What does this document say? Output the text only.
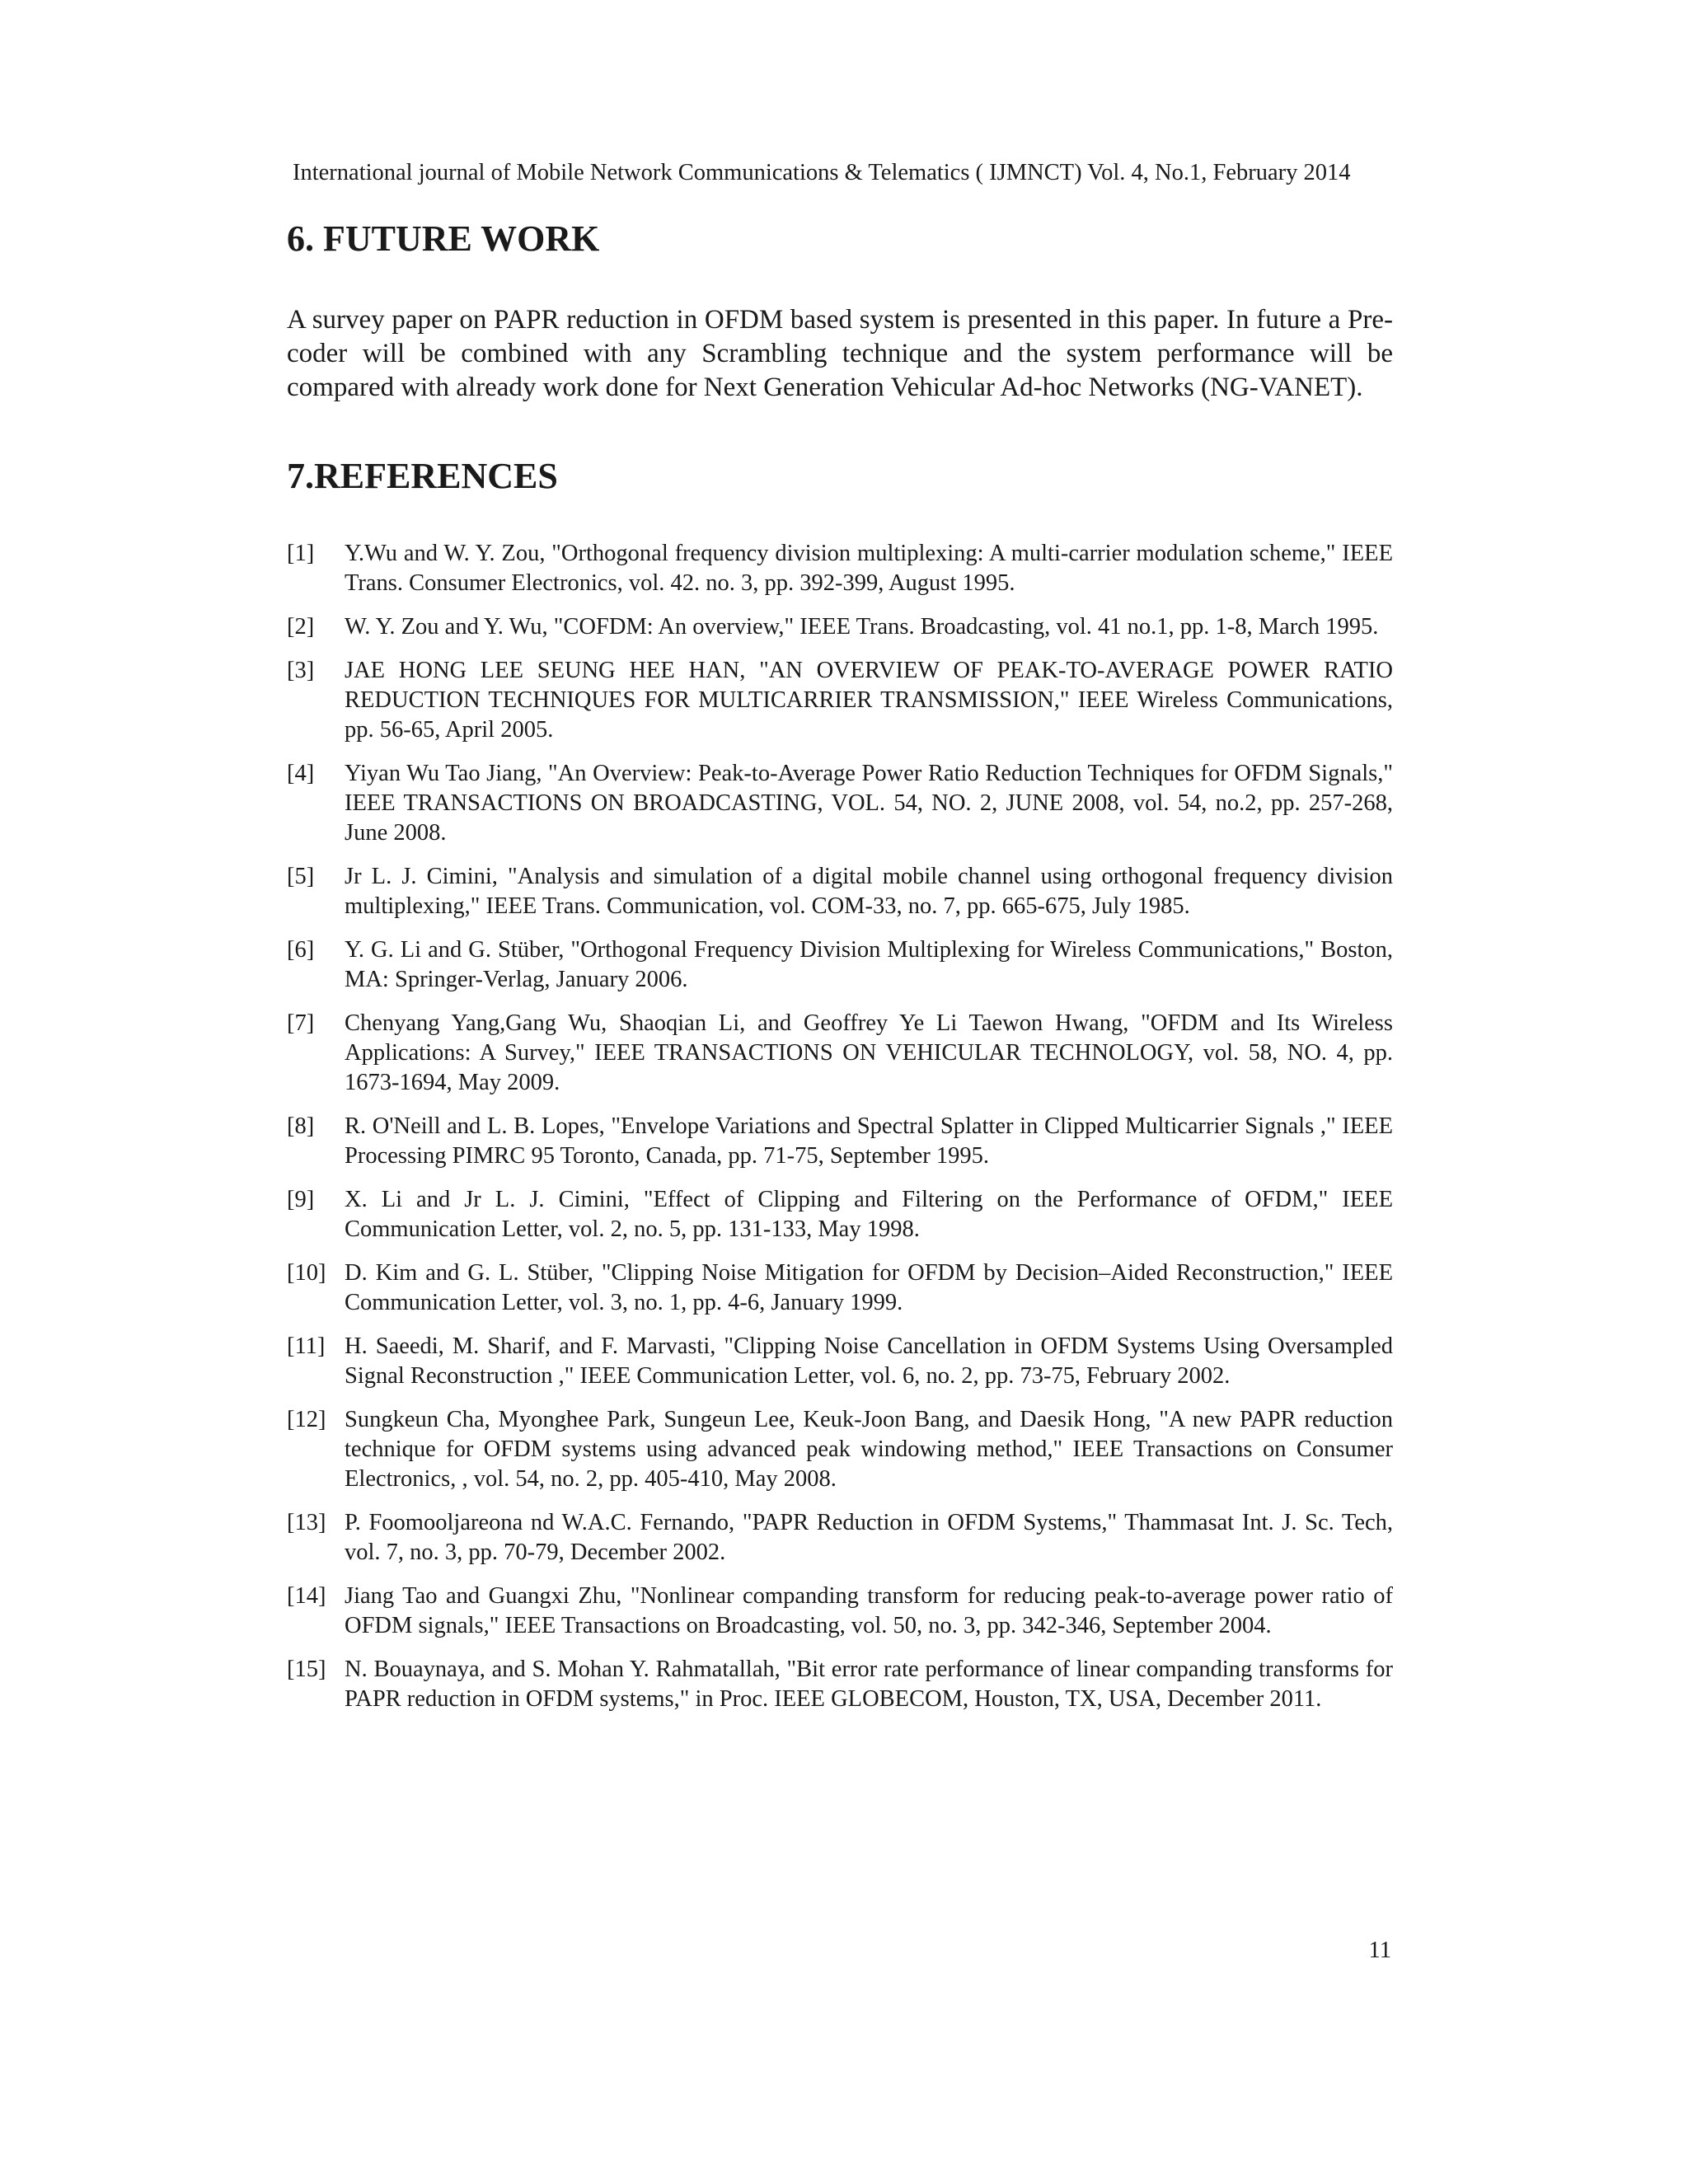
International journal of Mobile Network Communications & Telematics ( IJMNCT) Vol. 4, No.1, February 2014
6. FUTURE WORK

A survey paper on PAPR reduction in OFDM based system is presented in this paper. In future a Pre-coder will be combined with any Scrambling technique and the system performance will be compared with already work done for Next Generation Vehicular Ad-hoc Networks (NG-VANET).

7.REFERENCES
[1]	Y.Wu and W. Y. Zou, "Orthogonal frequency division multiplexing: A multi-carrier modulation scheme," IEEE Trans. Consumer Electronics, vol. 42. no. 3, pp. 392-399, August 1995.
[2]	W. Y. Zou and Y. Wu, "COFDM: An overview," IEEE Trans. Broadcasting, vol. 41 no.1, pp. 1-8, March 1995.
[3]	JAE HONG LEE SEUNG HEE HAN, "AN OVERVIEW OF PEAK-TO-AVERAGE POWER RATIO REDUCTION TECHNIQUES FOR MULTICARRIER TRANSMISSION," IEEE Wireless Communications, pp. 56-65, April 2005.
[4]	Yiyan Wu Tao Jiang, "An Overview: Peak-to-Average Power Ratio Reduction Techniques for OFDM Signals," IEEE TRANSACTIONS ON BROADCASTING, VOL. 54, NO. 2, JUNE 2008, vol. 54, no.2, pp. 257-268, June 2008.
[5]	Jr L. J. Cimini, "Analysis and simulation of a digital mobile channel using orthogonal frequency division multiplexing," IEEE Trans. Communication, vol. COM-33, no. 7, pp. 665-675, July 1985.
[6]	Y. G. Li and G. Stüber, "Orthogonal Frequency Division Multiplexing for Wireless Communications," Boston, MA: Springer-Verlag, January 2006.
[7]	Chenyang Yang,Gang Wu, Shaoqian Li, and Geoffrey Ye Li Taewon Hwang, "OFDM and Its Wireless Applications: A Survey," IEEE TRANSACTIONS ON VEHICULAR TECHNOLOGY, vol. 58, NO. 4, pp. 1673-1694, May 2009.
[8]	R. O'Neill and L. B. Lopes, "Envelope Variations and Spectral Splatter in Clipped Multicarrier Signals ," IEEE Processing PIMRC 95 Toronto, Canada, pp. 71-75, September 1995.
[9]	X. Li and Jr L. J. Cimini, "Effect of Clipping and Filtering on the Performance of OFDM," IEEE Communication Letter, vol. 2, no. 5, pp. 131-133, May 1998.
[10] D. Kim and G. L. Stüber, "Clipping Noise Mitigation for OFDM by Decision–Aided Reconstruction," IEEE Communication Letter, vol. 3, no. 1, pp. 4-6, January 1999.
[11] H. Saeedi, M. Sharif, and F. Marvasti, "Clipping Noise Cancellation in OFDM Systems Using Oversampled Signal Reconstruction ," IEEE Communication Letter, vol. 6, no. 2, pp. 73-75, February 2002.
[12] Sungkeun Cha, Myonghee Park, Sungeun Lee, Keuk-Joon Bang, and Daesik Hong, "A new PAPR reduction technique for OFDM systems using advanced peak windowing method," IEEE Transactions on Consumer Electronics, , vol. 54, no. 2, pp. 405-410, May 2008.
[13] P. Foomooljareona nd W.A.C. Fernando, "PAPR Reduction in OFDM Systems," Thammasat Int. J. Sc. Tech, vol. 7, no. 3, pp. 70-79, December 2002.
[14] Jiang Tao and Guangxi Zhu, "Nonlinear companding transform for reducing peak-to-average power ratio of OFDM signals," IEEE Transactions on Broadcasting, vol. 50, no. 3, pp. 342-346, September 2004.
[15] N. Bouaynaya, and S. Mohan Y. Rahmatallah, "Bit error rate performance of linear companding transforms for PAPR reduction in OFDM systems," in Proc. IEEE GLOBECOM, Houston, TX, USA, December 2011.
11
